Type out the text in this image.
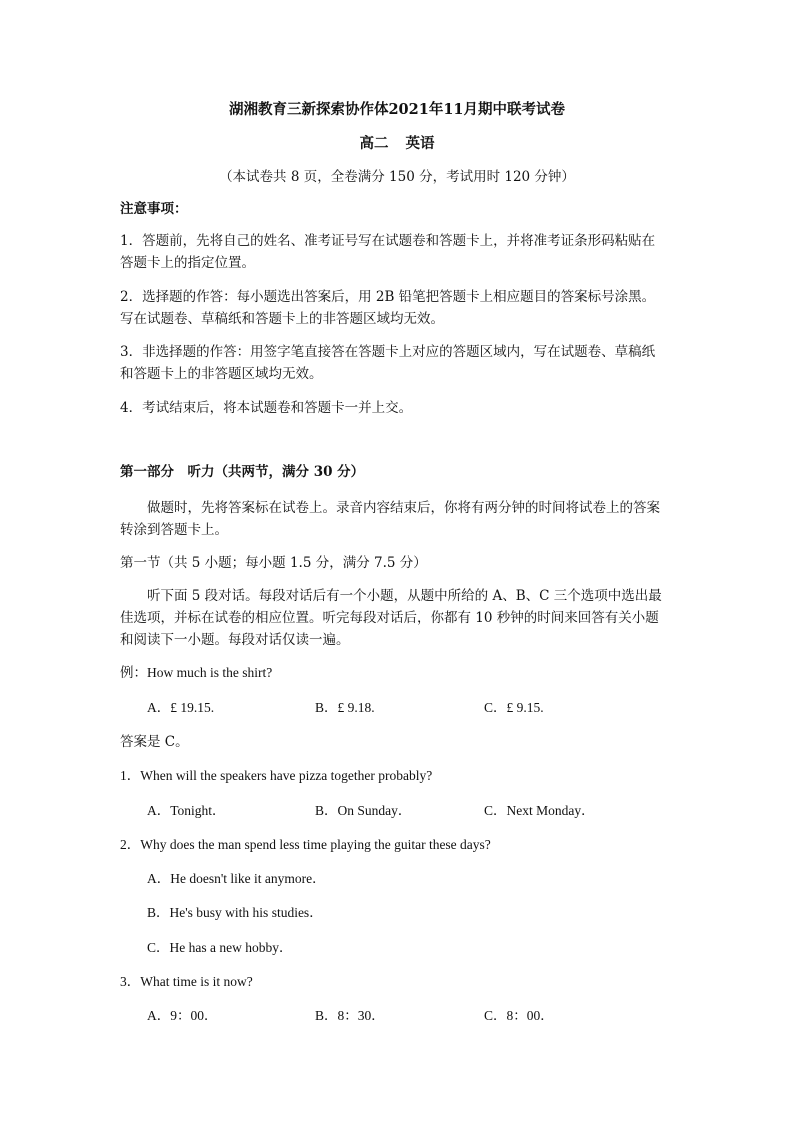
湖湘教育三新探索协作体2021年11月期中联考试卷
高二 英语
（本试卷共 8 页，全卷满分 150 分，考试用时 120 分钟）
注意事项：
1．答题前，先将自己的姓名、准考证号写在试题卷和答题卡上，并将准考证条形码粘贴在
答题卡上的指定位置。
2．选择题的作答：每小题选出答案后，用 2B 铅笔把答题卡上相应题目的答案标号涂黑。
写在试题卷、草稿纸和答题卡上的非答题区域均无效。
3．非选择题的作答：用签字笔直接答在答题卡上对应的答题区域内，写在试题卷、草稿纸
和答题卡上的非答题区域均无效。
4．考试结束后，将本试题卷和答题卡一并上交。
第一部分　听力（共两节，满分 30 分）
做题时，先将答案标在试卷上。录音内容结束后，你将有两分钟的时间将试卷上的答案
转涂到答题卡上。
第一节（共 5 小题；每小题 1.5 分，满分 7.5 分）
听下面 5 段对话。每段对话后有一个小题，从题中所给的 A、B、C 三个选项中选出最
佳选项，并标在试卷的相应位置。听完每段对话后，你都有 10 秒钟的时间来回答有关小题
和阅读下一小题。每段对话仅读一遍。
例：How much is the shirt?
A．£ 19.15.	B．£ 9.18.	C．£ 9.15.
答案是 C。
1．When will the speakers have pizza together probably?
A．Tonight．	B．On Sunday．	C．Next Monday．
2．Why does the man spend less time playing the guitar these days?
A．He doesn't like it anymore．
B．He's busy with his studies．
C．He has a new hobby．
3．What time is it now?
A．9：00．	B．8：30．	C．8：00．
